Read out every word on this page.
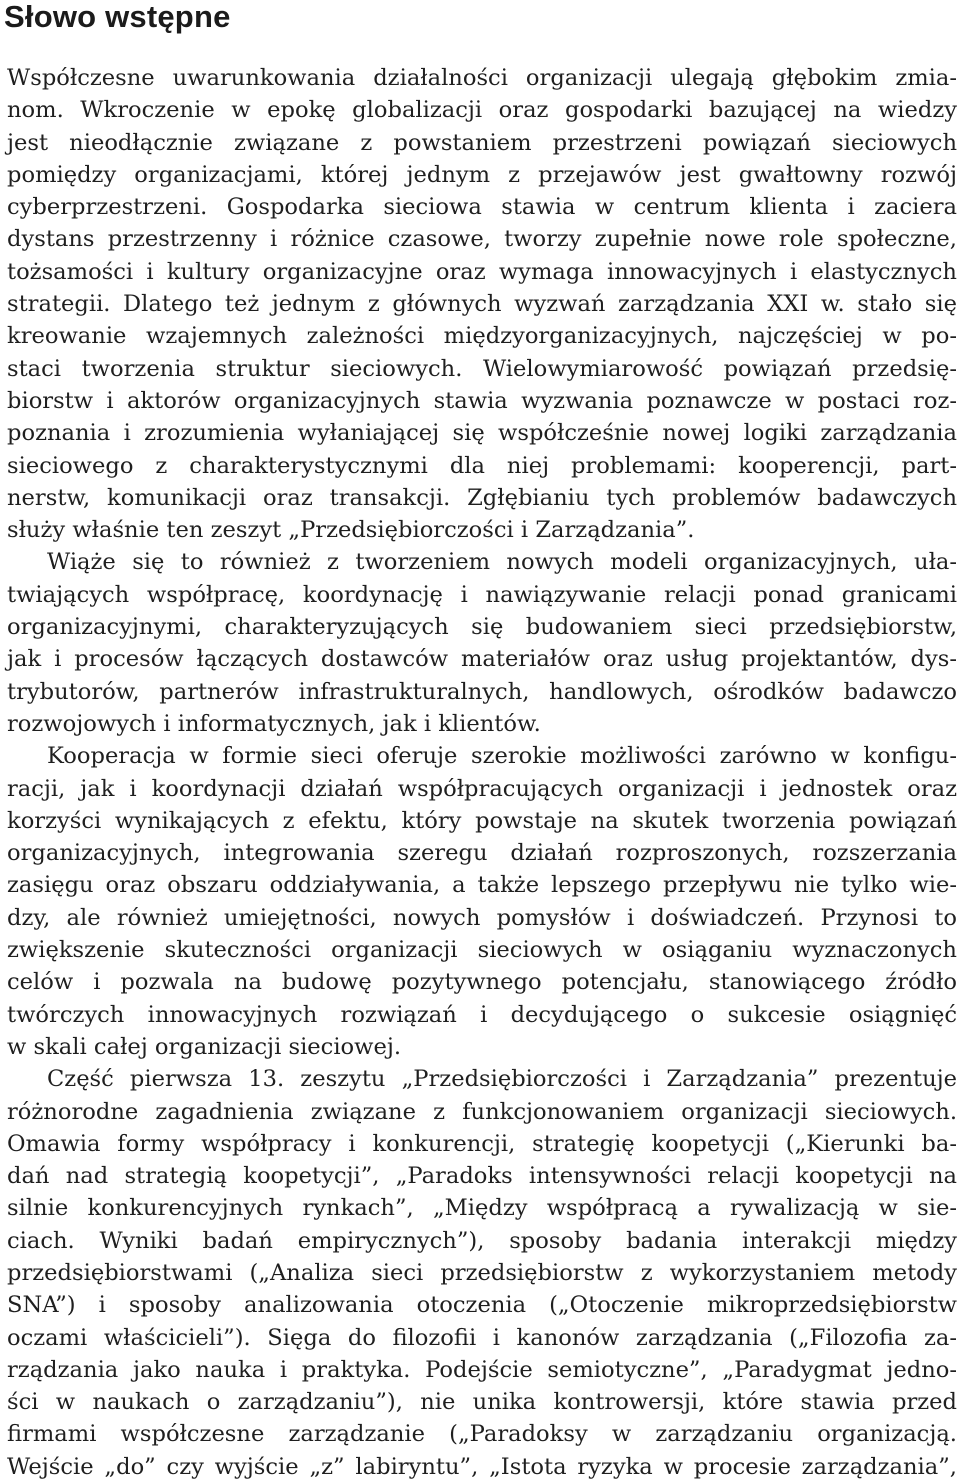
Słowo wstępne
Współczesne uwarunkowania działalności organizacji ulegają głębokim zmia-
nom. Wkroczenie w epokę globalizacji oraz gospodarki bazującej na wiedzy
jest nieodłącznie związane z powstaniem przestrzeni powiązań sieciowych
pomiędzy organizacjami, której jednym z przejawów jest gwałtowny rozwój
cyberprzestrzeni. Gospodarka sieciowa stawia w centrum klienta i zaciera
dystans przestrzenny i różnice czasowe, tworzy zupełnie nowe role społeczne,
tożsamości i kultury organizacyjne oraz wymaga innowacyjnych i elastycznych
strategii. Dlatego też jednym z głównych wyzwań zarządzania XXI w. stało się
kreowanie wzajemnych zależności międzyorganizacyjnych, najczęściej w po-
staci tworzenia struktur sieciowych. Wielowymiarowość powiązań przedsię-
biorstw i aktorów organizacyjnych stawia wyzwania poznawcze w postaci roz-
poznania i zrozumienia wyłaniającej się współcześnie nowej logiki zarządzania
sieciowego z charakterystycznymi dla niej problemami: kooperencji, part-
nerstw, komunikacji oraz transakcji. Zgłębianiu tych problemów badawczych
służy właśnie ten zeszyt „Przedsiębiorczości i Zarządzania”.
Wiąże się to również z tworzeniem nowych modeli organizacyjnych, uła-
twiających współpracę, koordynację i nawiązywanie relacji ponad granicami
organizacyjnymi, charakteryzujących się budowaniem sieci przedsiębiorstw,
jak i procesów łączących dostawców materiałów oraz usług projektantów, dys-
trybutorów, partnerów infrastrukturalnych, handlowych, ośrodków badawczo
rozwojowych i informatycznych, jak i klientów.
Kooperacja w formie sieci oferuje szerokie możliwości zarówno w konfigu-
racji, jak i koordynacji działań współpracujących organizacji i jednostek oraz
korzyści wynikających z efektu, który powstaje na skutek tworzenia powiązań
organizacyjnych, integrowania szeregu działań rozproszonych, rozszerzania
zasięgu oraz obszaru oddziaływania, a także lepszego przepływu nie tylko wie-
dzy, ale również umiejętności, nowych pomysłów i doświadczeń. Przynosi to
zwiększenie skuteczności organizacji sieciowych w osiąganiu wyznaczonych
celów i pozwala na budowę pozytywnego potencjału, stanowiącego źródło
twórczych innowacyjnych rozwiązań i decydującego o sukcesie osiągnięć
w skali całej organizacji sieciowej.
Część pierwsza 13. zeszytu „Przedsiębiorczości i Zarządzania” prezentuje
różnorodne zagadnienia związane z funkcjonowaniem organizacji sieciowych.
Omawia formy współpracy i konkurencji, strategię koopetycji („Kierunki ba-
dań nad strategią koopetycji”, „Paradoks intensywności relacji koopetycji na
silnie konkurencyjnych rynkach”, „Między współpracą a rywalizacją w sie-
ciach. Wyniki badań empirycznych”), sposoby badania interakcji między
przedsiębiorstwami („Analiza sieci przedsiębiorstw z wykorzystaniem metody
SNA”) i sposoby analizowania otoczenia („Otoczenie mikroprzedsiębiorstw
oczami właścicieli”). Sięga do filozofii i kanonów zarządzania („Filozofia za-
rządzania jako nauka i praktyka. Podejście semiotyczne”, „Paradygmat jedno-
ści w naukach o zarządzaniu”), nie unika kontrowersji, które stawia przed
firmami współczesne zarządzanie („Paradoksy w zarządzaniu organizacją.
Wejście „do” czy wyjście „z” labiryntu”, „Istota ryzyka w procesie zarządzania”,
